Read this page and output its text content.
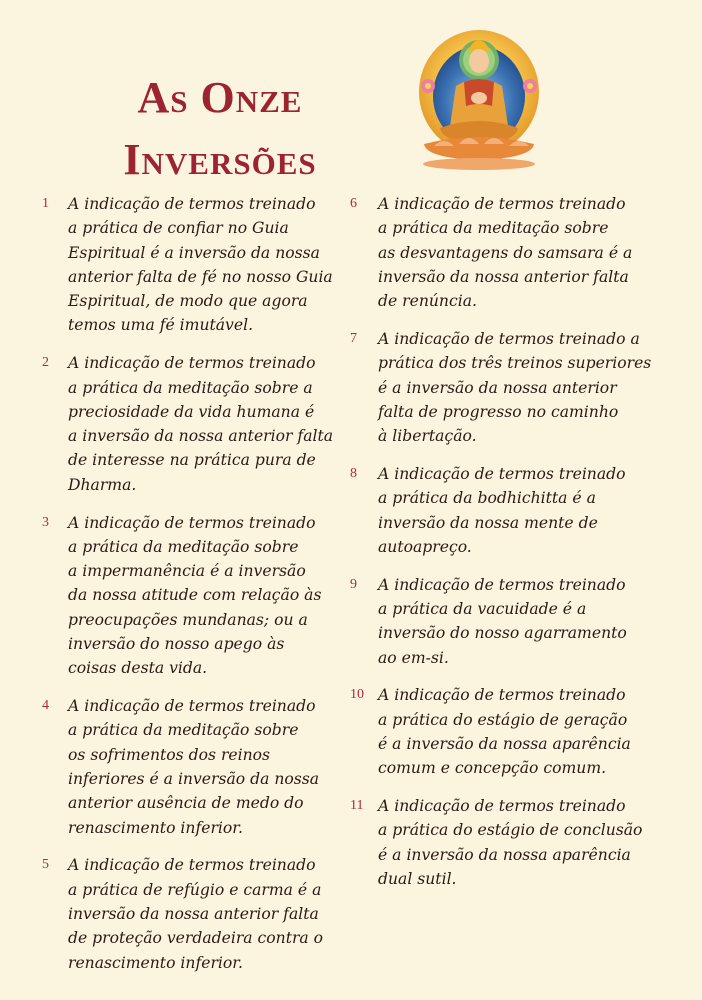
As Onze
Inversões
1	A indicação de termos treinado
a prática de confiar no Guia
Espiritual é a inversão da nossa
anterior falta de fé no nosso Guia
Espiritual, de modo que agora
temos uma fé imutável.
2	A indicação de termos treinado
a prática da meditação sobre a
preciosidade da vida humana é
a inversão da nossa anterior falta
de interesse na prática pura de
Dharma.
3	A indicação de termos treinado
a prática da meditação sobre
a impermanência é a inversão
da nossa atitude com relação às
preocupações mundanas; ou a
inversão do nosso apego às
coisas desta vida.
4	A indicação de termos treinado
a prática da meditação sobre
os sofrimentos dos reinos
inferiores é a inversão da nossa
anterior ausência de medo do
renascimento inferior.
5	A indicação de termos treinado
a prática de refúgio e carma é a
inversão da nossa anterior falta
de proteção verdadeira contra o
renascimento inferior.
6	A indicação de termos treinado
a prática da meditação sobre
as desvantagens do samsara é a
inversão da nossa anterior falta
de renúncia.
7	A indicação de termos treinado a
prática dos três treinos superiores
é a inversão da nossa anterior
falta de progresso no caminho
à libertação.
8	A indicação de termos treinado
a prática da bodhichitta é a
inversão da nossa mente de
autoapreço.
9	A indicação de termos treinado
a prática da vacuidade é a
inversão do nosso agarramento
ao em-si.
10 A indicação de termos treinado
a prática do estágio de geração
é a inversão da nossa aparência
comum e concepção comum.
11 A indicação de termos treinado
a prática do estágio de conclusão
é a inversão da nossa aparência
dual sutil.
